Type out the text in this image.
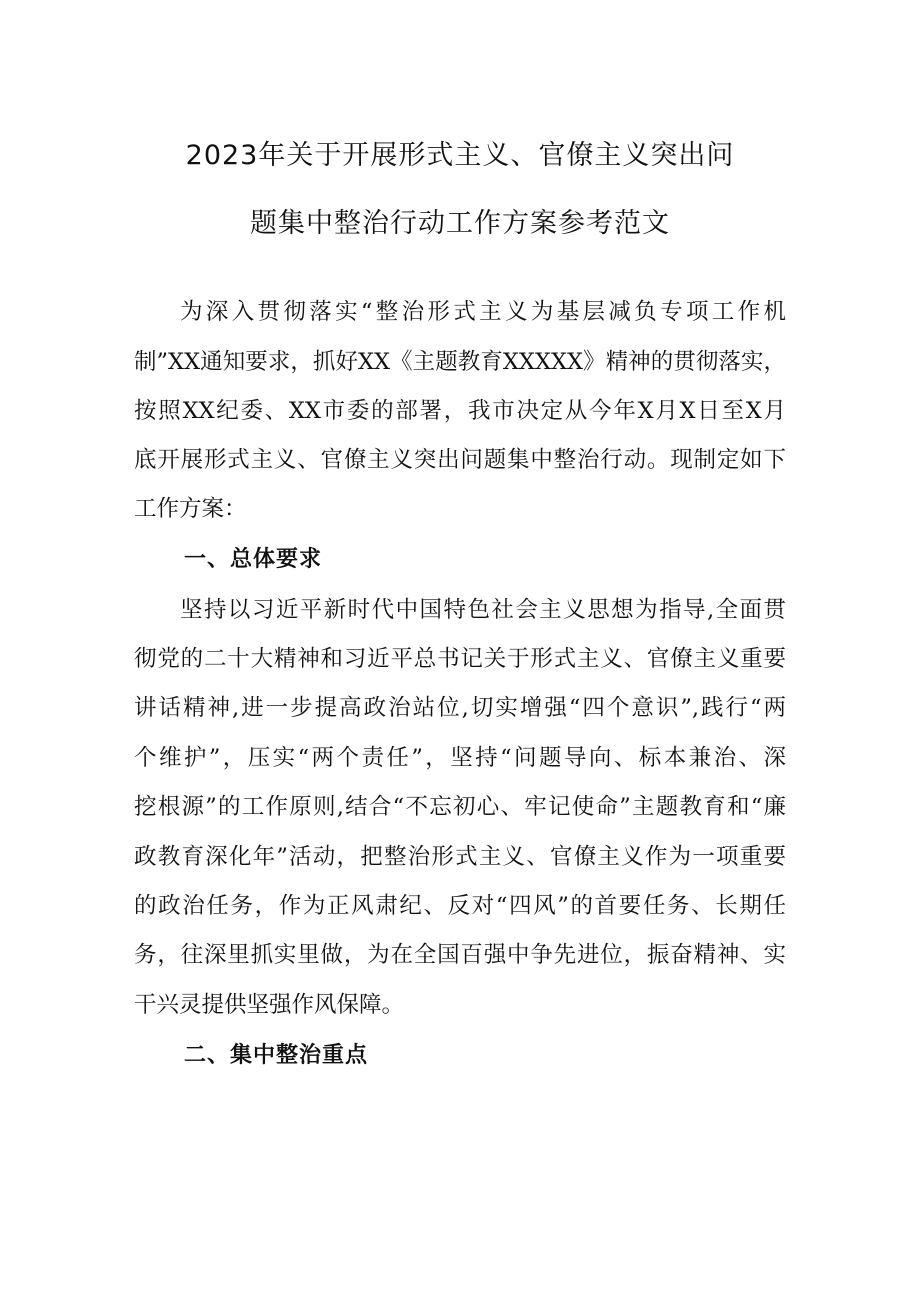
2023年关于开展形式主义、官僚主义突出问
题集中整治行动工作方案参考范文
为深入贯彻落实“整治形式主义为基层减负专项工作机
制”XX通知要求，抓好XX《主题教育XXXXX》精神的贯彻落实，
按照XX纪委、XX市委的部署，我市决定从今年X月X日至X月
底开展形式主义、官僚主义突出问题集中整治行动。现制定如下
工作方案：
一、总体要求
坚持以习近平新时代中国特色社会主义思想为指导,全面贯
彻党的二十大精神和习近平总书记关于形式主义、官僚主义重要
讲话精神,进一步提高政治站位,切实增强“四个意识”,践行“两
个维护”，压实“两个责任”，坚持“问题导向、标本兼治、深
挖根源”的工作原则,结合“不忘初心、牢记使命”主题教育和“廉
政教育深化年”活动，把整治形式主义、官僚主义作为一项重要
的政治任务，作为正风肃纪、反对“四风”的首要任务、长期任
务，往深里抓实里做，为在全国百强中争先进位，振奋精神、实
干兴灵提供坚强作风保障。
二、集中整治重点
